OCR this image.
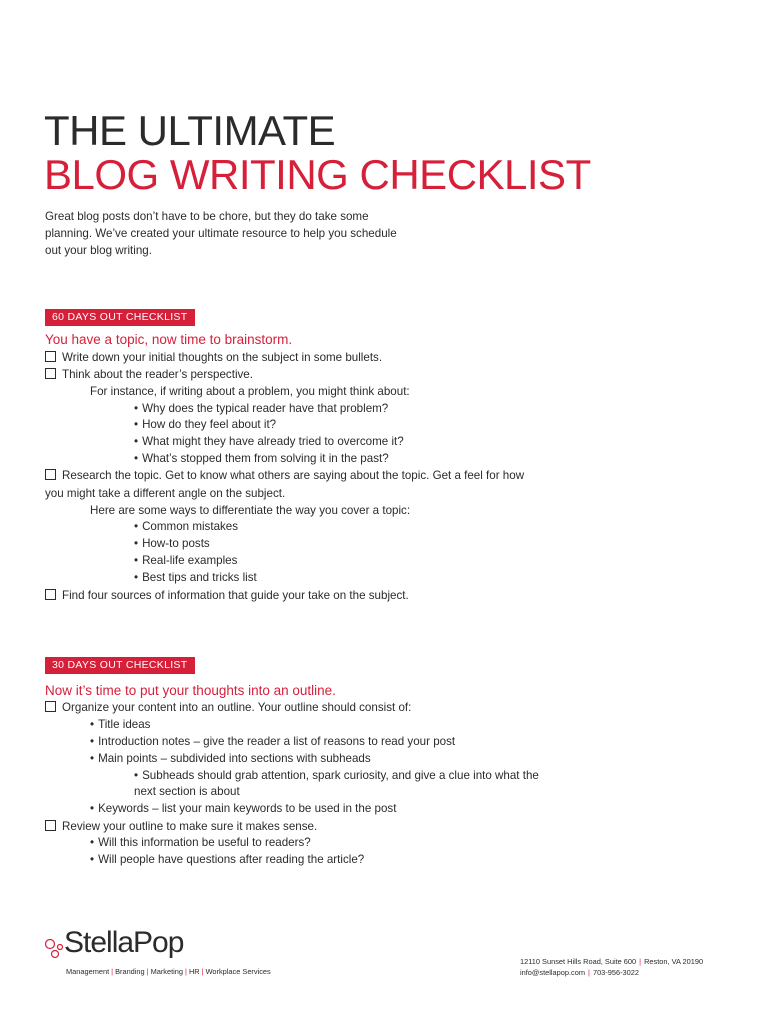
THE ULTIMATE
BLOG WRITING CHECKLIST
Great blog posts don’t have to be chore, but they do take some planning. We’ve created your ultimate resource to help you schedule out your blog writing.
60 DAYS OUT CHECKLIST
You have a topic, now time to brainstorm.
Write down your initial thoughts on the subject in some bullets.
Think about the reader’s perspective.
For instance, if writing about a problem, you might think about:
• Why does the typical reader have that problem?
• How do they feel about it?
• What might they have already tried to overcome it?
• What’s stopped them from solving it in the past?
Research the topic. Get to know what others are saying about the topic. Get a feel for how
you might take a different angle on the subject.
Here are some ways to differentiate the way you cover a topic:
• Common mistakes
• How-to posts
• Real-life examples
• Best tips and tricks list
Find four sources of information that guide your take on the subject.
30 DAYS OUT CHECKLIST
Now it’s time to put your thoughts into an outline.
Organize your content into an outline. Your outline should consist of:
• Title ideas
• Introduction notes – give the reader a list of reasons to read your post
• Main points – subdivided into sections with subheads
• Subheads should grab attention, spark curiosity, and give a clue into what the
next section is about
• Keywords – list your main keywords to be used in the post
Review your outline to make sure it makes sense.
• Will this information be useful to readers?
• Will people have questions after reading the article?
StellaPop
Management | Branding | Marketing | HR | Workplace Services
12110 Sunset Hills Road, Suite 600 | Reston, VA 20190
info@stellapop.com | 703-956-3022
